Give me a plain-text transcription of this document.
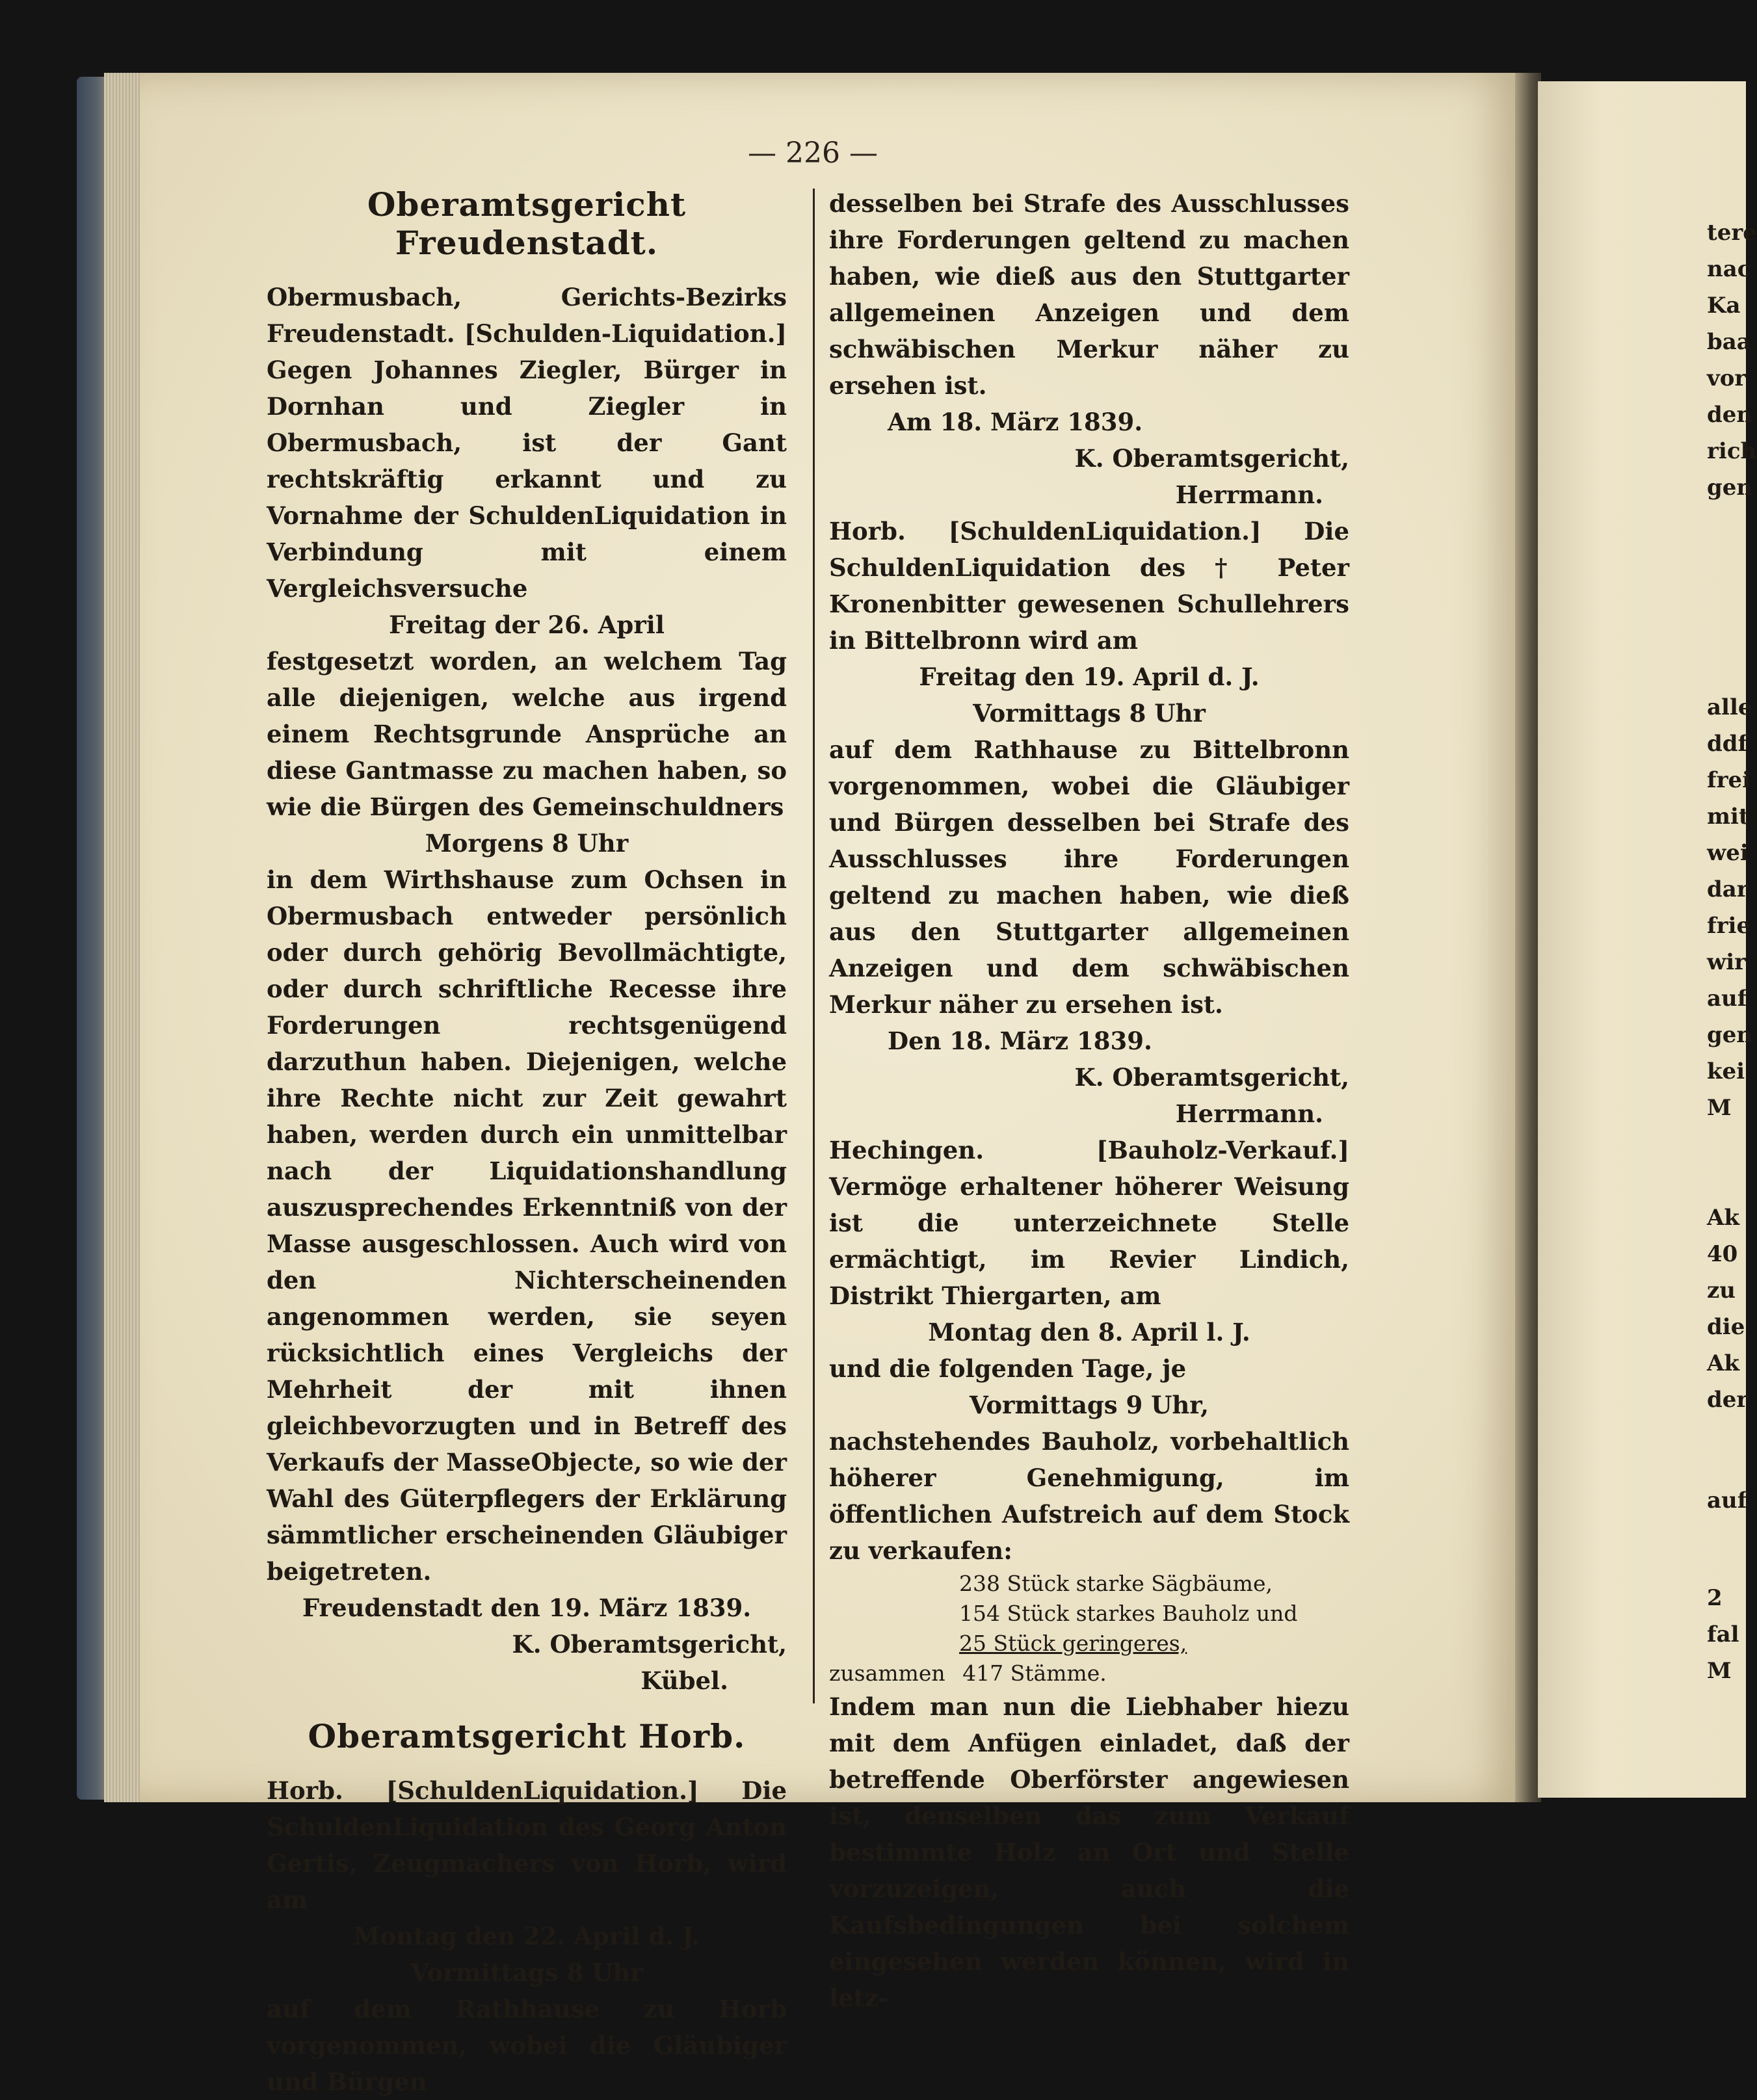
— 226 —
Oberamtsgericht Freudenstadt.

Obermusbach, Gerichts-Bezirks Freudenstadt. [Schulden-Liquidation.] Gegen Johannes Ziegler, Bürger in Dornhan und Ziegler in Obermusbach, ist der Gant rechtskräftig erkannt und zu Vornahme der SchuldenLiquidation in Verbindung mit einem Vergleichsversuche

Freitag der 26. April

festgesetzt worden, an welchem Tag alle diejenigen, welche aus irgend einem Rechtsgrunde Ansprüche an diese Gantmasse zu machen haben, so wie die Bürgen des Gemeinschuldners

Morgens 8 Uhr

in dem Wirthshause zum Ochsen in Obermusbach entweder persönlich oder durch gehörig Bevollmächtigte, oder durch schriftliche Recesse ihre Forderungen rechtsgenügend darzuthun haben. Diejenigen, welche ihre Rechte nicht zur Zeit gewahrt haben, werden durch ein unmittelbar nach der Liquidationshandlung auszusprechendes Erkenntniß von der Masse ausgeschlossen. Auch wird von den Nichterscheinenden angenommen werden, sie seyen rücksichtlich eines Vergleichs der Mehrheit der mit ihnen gleichbevorzugten und in Betreff des Verkaufs der MasseObjecte, so wie der Wahl des Güterpflegers der Erklärung sämmtlicher erscheinenden Gläubiger beigetreten.

Freudenstadt den 19. März 1839.

K. Oberamtsgericht,

Kübel.

Oberamtsgericht Horb.

Horb. [SchuldenLiquidation.] Die SchuldenLiquidation des Georg Anton Gertis, Zeugmachers von Horb, wird am

Montag den 22. April d. J.

Vormittags 8 Uhr

auf dem Rathhause zu Horb vorgenommen, wobei die Gläubiger und Bürgen

desselben bei Strafe des Ausschlusses ihre Forderungen geltend zu machen haben, wie dieß aus den Stuttgarter allgemeinen Anzeigen und dem schwäbischen Merkur näher zu ersehen ist.

Am 18. März 1839.

K. Oberamtsgericht,

Herrmann.

Horb. [SchuldenLiquidation.] Die SchuldenLiquidation des † Peter Kronenbitter gewesenen Schullehrers in Bittelbronn wird am

Freitag den 19. April d. J.

Vormittags 8 Uhr

auf dem Rathhause zu Bittelbronn vorgenommen, wobei die Gläubiger und Bürgen desselben bei Strafe des Ausschlusses ihre Forderungen geltend zu machen haben, wie dieß aus den Stuttgarter allgemeinen Anzeigen und dem schwäbischen Merkur näher zu ersehen ist.

Den 18. März 1839.

K. Oberamtsgericht,

Herrmann.

Hechingen. [Bauholz-Verkauf.] Vermöge erhaltener höherer Weisung ist die unterzeichnete Stelle ermächtigt, im Revier Lindich, Distrikt Thiergarten, am

Montag den 8. April l. J.

und die folgenden Tage, je

Vormittags 9 Uhr,

nachstehendes Bauholz, vorbehaltlich höherer Genehmigung, im öffentlichen Aufstreich auf dem Stock zu verkaufen:

238 Stück starke Sägbäume,
154 Stück starkes Bauholz und
25 Stück geringeres,
zusammen 417 Stämme.

Indem man nun die Liebhaber hiezu mit dem Anfügen einladet, daß der betreffende Oberförster angewiesen ist, denselben das zum Verkauf bestimmte Holz an Ort und Stelle vorzuzeigen, auch die Kaufsbedingungen bei solchem eingesehen werden können, wird in letz-

tere
nac
Ka
baa
vor
den
rich
gen
alle
ddf
frei
mit
wei
dar
frie
wir
auf
gen
kei
M
Ak
40
zu
die
Ak
der
auf
2
fal
M
